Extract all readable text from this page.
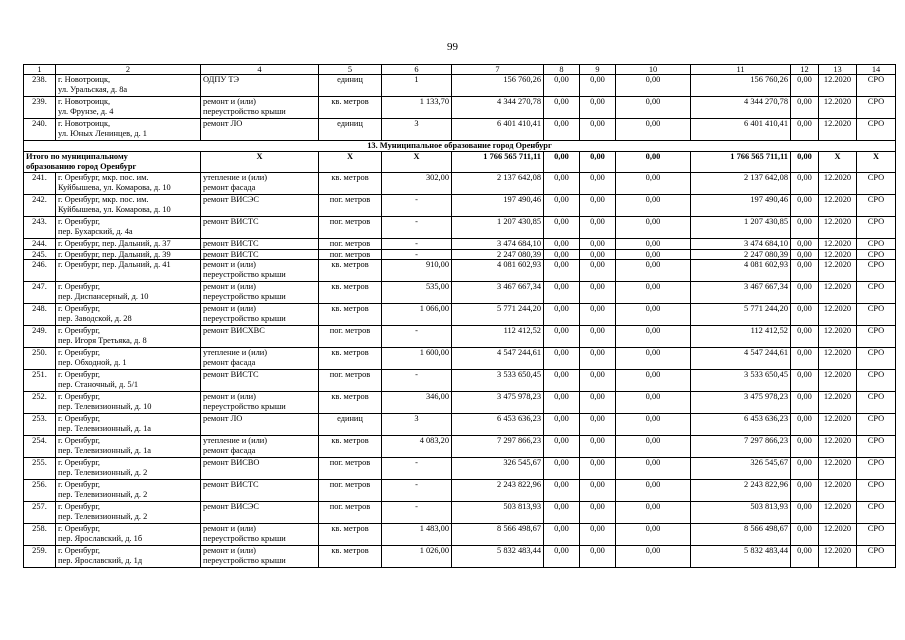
99
1	2	4	5	6	7	8	9	10	11	12	13	14
238.	г. Новотроицк,
ул. Уральская, д. 8а	ОДПУ ТЭ	единиц	1	156 760,26	0,00	0,00	0,00	156 760,26	0,00	12.2020	СРО
239.	г. Новотроицк,
ул. Фрунзе, д. 4	ремонт и (или)
переустройство крыши	кв. метров	1 133,70	4 344 270,78	0,00	0,00	0,00	4 344 270,78	0,00	12.2020	СРО
240.	г. Новотроицк,
ул. Юных Ленинцев, д. 1	ремонт ЛО	единиц	3	6 401 410,41	0,00	0,00	0,00	6 401 410,41	0,00	12.2020	СРО
13. Муниципальное образование город Оренбург												
Итого по муниципальному
образованию город Оренбург		X	X	X	1 766 565 711,11	0,00	0,00	0,00	1 766 565 711,11	0,00	X	X
241.	г. Оренбург, мкр. пос. им.
Куйбышева, ул. Комарова, д. 10	утепление и (или)
ремонт фасада	кв. метров	302,00	2 137 642,08	0,00	0,00	0,00	2 137 642,08	0,00	12.2020	СРО
242.	г. Оренбург, мкр. пос. им.
Куйбышева, ул. Комарова, д. 10	ремонт ВИСЭС	пог. метров	-	197 490,46	0,00	0,00	0,00	197 490,46	0,00	12.2020	СРО
243.	г. Оренбург,
пер. Бухарский, д. 4а	ремонт ВИСТС	пог. метров	-	1 207 430,85	0,00	0,00	0,00	1 207 430,85	0,00	12.2020	СРО
244.	г. Оренбург, пер. Дальний, д. 37	ремонт ВИСТС	пог. метров	-	3 474 684,10	0,00	0,00	0,00	3 474 684,10	0,00	12.2020	СРО
245.	г. Оренбург, пер. Дальний, д. 39	ремонт ВИСТС	пог. метров	-	2 247 080,39	0,00	0,00	0,00	2 247 080,39	0,00	12.2020	СРО
246.	г. Оренбург, пер. Дальний, д. 41	ремонт и (или)
переустройство крыши	кв. метров	910,00	4 081 602,93	0,00	0,00	0,00	4 081 602,93	0,00	12.2020	СРО
247.	г. Оренбург,
пер. Диспансерный, д. 10	ремонт и (или)
переустройство крыши	кв. метров	535,00	3 467 667,34	0,00	0,00	0,00	3 467 667,34	0,00	12.2020	СРО
248.	г. Оренбург,
пер. Заводской, д. 28	ремонт и (или)
переустройство крыши	кв. метров	1 066,00	5 771 244,20	0,00	0,00	0,00	5 771 244,20	0,00	12.2020	СРО
249.	г. Оренбург,
пер. Игоря Третьяка, д. 8	ремонт ВИСХВС	пог. метров	-	112 412,52	0,00	0,00	0,00	112 412,52	0,00	12.2020	СРО
250.	г. Оренбург,
пер. Обходной, д. 1	утепление и (или)
ремонт фасада	кв. метров	1 600,00	4 547 244,61	0,00	0,00	0,00	4 547 244,61	0,00	12.2020	СРО
251.	г. Оренбург,
пер. Станочный, д. 5/1	ремонт ВИСТС	пог. метров	-	3 533 650,45	0,00	0,00	0,00	3 533 650,45	0,00	12.2020	СРО
252.	г. Оренбург,
пер. Телевизионный, д. 10	ремонт и (или)
переустройство крыши	кв. метров	346,00	3 475 978,23	0,00	0,00	0,00	3 475 978,23	0,00	12.2020	СРО
253.	г. Оренбург,
пер. Телевизионный, д. 1а	ремонт ЛО	единиц	3	6 453 636,23	0,00	0,00	0,00	6 453 636,23	0,00	12.2020	СРО
254.	г. Оренбург,
пер. Телевизионный, д. 1а	утепление и (или)
ремонт фасада	кв. метров	4 083,20	7 297 866,23	0,00	0,00	0,00	7 297 866,23	0,00	12.2020	СРО
255.	г. Оренбург,
пер. Телевизионный, д. 2	ремонт ВИСВО	пог. метров	-	326 545,67	0,00	0,00	0,00	326 545,67	0,00	12.2020	СРО
256.	г. Оренбург,
пер. Телевизионный, д. 2	ремонт ВИСТС	пог. метров	-	2 243 822,96	0,00	0,00	0,00	2 243 822,96	0,00	12.2020	СРО
257.	г. Оренбург,
пер. Телевизионный, д. 2	ремонт ВИСЭС	пог. метров	-	503 813,93	0,00	0,00	0,00	503 813,93	0,00	12.2020	СРО
258.	г. Оренбург,
пер. Ярославский, д. 1б	ремонт и (или)
переустройство крыши	кв. метров	1 483,00	8 566 498,67	0,00	0,00	0,00	8 566 498,67	0,00	12.2020	СРО
259.	г. Оренбург,
пер. Ярославский, д. 1д	ремонт и (или)
переустройство крыши	кв. метров	1 026,00	5 832 483,44	0,00	0,00	0,00	5 832 483,44	0,00	12.2020	СРО
